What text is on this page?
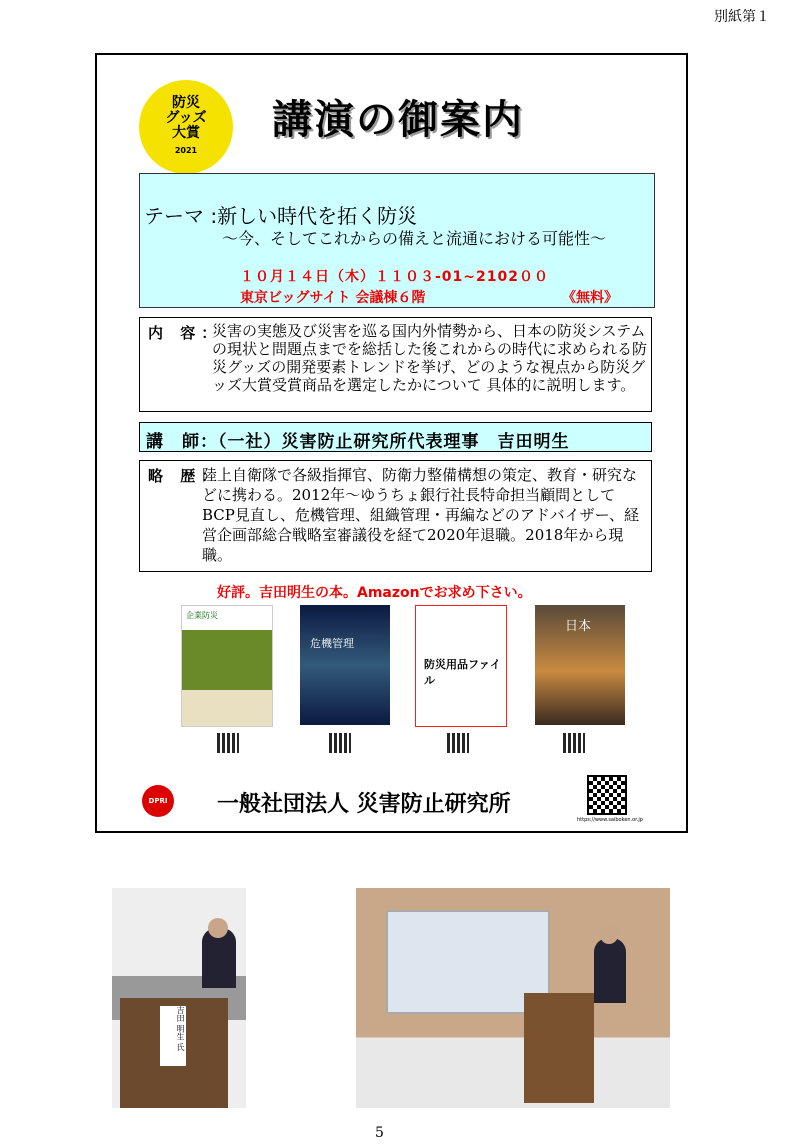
別紙第１
防災
グッズ
大賞
2021
講演の御案内
テーマ :新しい時代を拓く防災
～今、そしてこれからの備えと流通における可能性～
１０月１４日（木）１１０３-01~2102００
東京ビッグサイト 会議棟６階	《無料》
内 容：
災害の実態及び災害を巡る国内外情勢から、日本の防災システムの現状と問題点までを総括した後これからの時代に求められる防災グッズの開発要素トレンドを挙げ、どのような視点から防災グッズ大賞受賞商品を選定したかについて 具体的に説明します。
講　師：（一社）災害防止研究所代表理事　吉田明生
略 歴：
陸上自衛隊で各級指揮官、防衛力整備構想の策定、教育・研究などに携わる。2012年～ゆうちょ銀行社長特命担当顧問としてBCP見直し、危機管理、組織管理・再編などのアドバイザー、経営企画部総合戦略室審議役を経て2020年退職。2018年から現職。
好評。吉田明生の本。Amazonでお求め下さい。
企業防災
危機管理
防災用品ファイル
日本
DPRI 一般社団法人 災害防止研究所
https://www.saiboken.or.jp
吉田 明生 氏
5
